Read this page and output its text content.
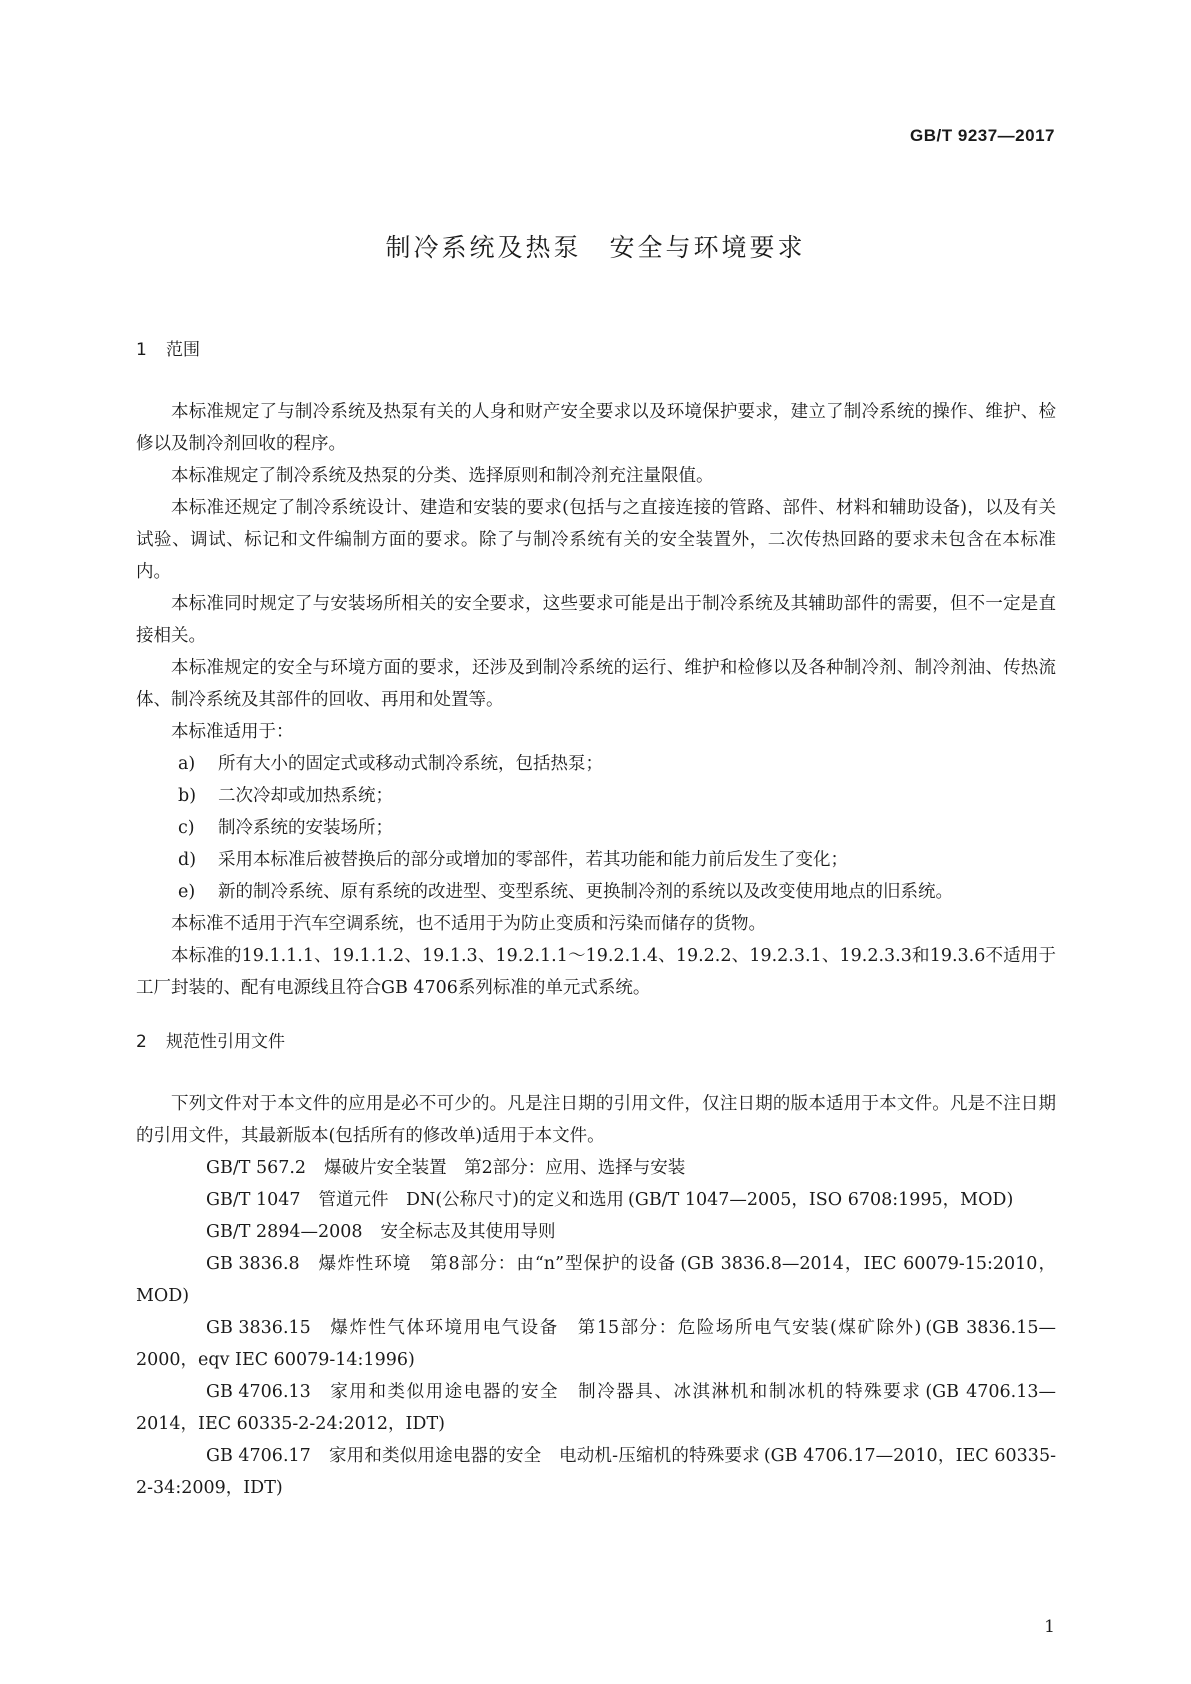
GB/T 9237—2017
制冷系统及热泵　安全与环境要求
1 范围

本标准规定了与制冷系统及热泵有关的人身和财产安全要求以及环境保护要求，建立了制冷系统的操作、维护、检修以及制冷剂回收的程序。

本标准规定了制冷系统及热泵的分类、选择原则和制冷剂充注量限值。

本标准还规定了制冷系统设计、建造和安装的要求(包括与之直接连接的管路、部件、材料和辅助设备)，以及有关试验、调试、标记和文件编制方面的要求。除了与制冷系统有关的安全装置外，二次传热回路的要求未包含在本标准内。

本标准同时规定了与安装场所相关的安全要求，这些要求可能是出于制冷系统及其辅助部件的需要，但不一定是直接相关。

本标准规定的安全与环境方面的要求，还涉及到制冷系统的运行、维护和检修以及各种制冷剂、制冷剂油、传热流体、制冷系统及其部件的回收、再用和处置等。

本标准适用于：

a) 所有大小的固定式或移动式制冷系统，包括热泵；
b) 二次冷却或加热系统；
c) 制冷系统的安装场所；
d) 采用本标准后被替换后的部分或增加的零部件，若其功能和能力前后发生了变化；
e) 新的制冷系统、原有系统的改进型、变型系统、更换制冷剂的系统以及改变使用地点的旧系统。

本标准不适用于汽车空调系统，也不适用于为防止变质和污染而储存的货物。

本标准的19.1.1.1、19.1.1.2、19.1.3、19.2.1.1～19.2.1.4、19.2.2、19.2.3.1、19.2.3.3和19.3.6不适用于工厂封装的、配有电源线且符合GB 4706系列标准的单元式系统。

2 规范性引用文件

下列文件对于本文件的应用是必不可少的。凡是注日期的引用文件，仅注日期的版本适用于本文件。凡是不注日期的引用文件，其最新版本(包括所有的修改单)适用于本文件。

GB/T 567.2 爆破片安全装置　第2部分：应用、选择与安装

GB/T 1047 管道元件　DN(公称尺寸)的定义和选用 (GB/T 1047—2005，ISO 6708:1995，MOD)

GB/T 2894—2008 安全标志及其使用导则

GB 3836.8 爆炸性环境　第8部分：由“n”型保护的设备 (GB 3836.8—2014，IEC 60079-15:2010，MOD)

GB 3836.15 爆炸性气体环境用电气设备　第15部分：危险场所电气安装(煤矿除外) (GB 3836.15—2000，eqv IEC 60079-14:1996)

GB 4706.13 家用和类似用途电器的安全　制冷器具、冰淇淋机和制冰机的特殊要求 (GB 4706.13—2014，IEC 60335-2-24:2012，IDT)

GB 4706.17 家用和类似用途电器的安全　电动机-压缩机的特殊要求 (GB 4706.17—2010，IEC 60335-2-34:2009，IDT)

1
